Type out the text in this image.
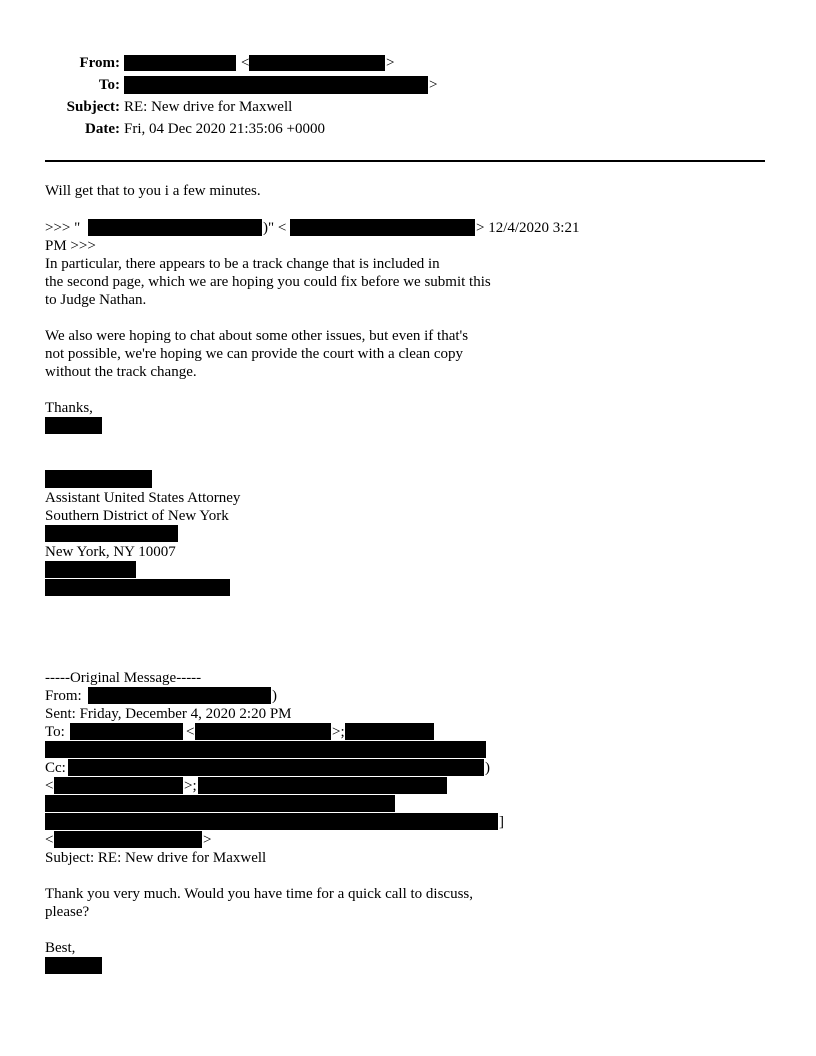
From:	<	>
To:	>
Subject: RE: New drive for Maxwell
Date: Fri, 04 Dec 2020 21:35:06 +0000
Will get that to you i a few minutes.
>>> "	)" <	> 12/4/2020 3:21
PM >>>
In particular, there appears to be a track change that is included in
the second page, which we are hoping you could fix before we submit this
to Judge Nathan.
We also were hoping to chat about some other issues, but even if that's
not possible, we're hoping we can provide the court with a clean copy
without the track change.
Thanks,
Assistant United States Attorney
Southern District of New York
New York, NY 10007
-----Original Message-----
From:	)
Sent: Friday, December 4, 2020 2:20 PM
To:	<	>;
Cc:	)
<	>;
]
<	>
Subject: RE: New drive for Maxwell
Thank you very much. Would you have time for a quick call to discuss,
please?
Best,
